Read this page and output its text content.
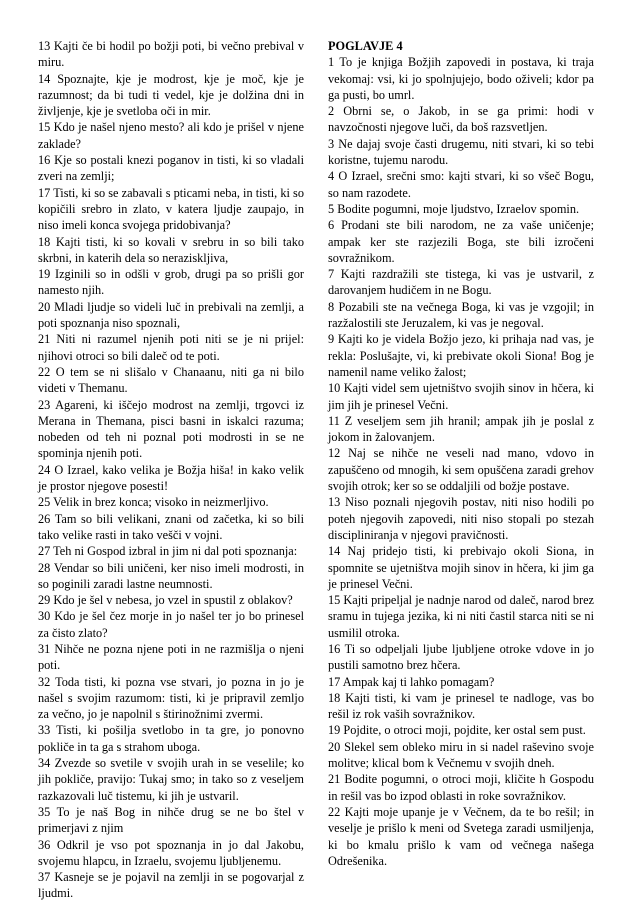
13 Kajti če bi hodil po božji poti, bi večno prebival v miru.

14 Spoznajte, kje je modrost, kje je moč, kje je razumnost; da bi tudi ti vedel, kje je dolžina dni in življenje, kje je svetloba oči in mir.

15 Kdo je našel njeno mesto? ali kdo je prišel v njene zaklade?

16 Kje so postali knezi poganov in tisti, ki so vladali zveri na zemlji;

17 Tisti, ki so se zabavali s pticami neba, in tisti, ki so kopičili srebro in zlato, v katera ljudje zaupajo, in niso imeli konca svojega pridobivanja?

18 Kajti tisti, ki so kovali v srebru in so bili tako skrbni, in katerih dela so nerazisklјiva,

19 Izginili so in odšli v grob, drugi pa so prišli gor namesto njih.

20 Mladi ljudje so videli luč in prebivali na zemlji, a poti spoznanja niso spoznali,

21 Niti ni razumel njenih poti niti se je ni prijel: njihovi otroci so bili daleč od te poti.

22 O tem se ni slišalo v Chanaanu, niti ga ni bilo videti v Themanu.

23 Agareni, ki iščejo modrost na zemlji, trgovci iz Merana in Themana, pisci basni in iskalci razuma; nobeden od teh ni poznal poti modrosti in se ne spominja njenih poti.

24 O Izrael, kako velika je Božja hiša! in kako velik je prostor njegove posesti!

25 Velik in brez konca; visoko in neizmerljivo.

26 Tam so bili velikani, znani od začetka, ki so bili tako velike rasti in tako vešči v vojni.

27 Teh ni Gospod izbral in jim ni dal poti spoznanja:

28 Vendar so bili uničeni, ker niso imeli modrosti, in so poginili zaradi lastne neumnosti.

29 Kdo je šel v nebesa, jo vzel in spustil z oblakov?

30 Kdo je šel čez morje in jo našel ter jo bo prinesel za čisto zlato?

31 Nihče ne pozna njene poti in ne razmišlja o njeni poti.

32 Toda tisti, ki pozna vse stvari, jo pozna in jo je našel s svojim razumom: tisti, ki je pripravil zemljo za večno, jo je napolnil s štirinožnimi zvermi.

33 Tisti, ki pošilja svetlobo in ta gre, jo ponovno pokliče in ta ga s strahom uboga.

34 Zvezde so svetile v svojih urah in se veselile; ko jih pokliče, pravijo: Tukaj smo; in tako so z veseljem razkazovali luč tistemu, ki jih je ustvaril.

35 To je naš Bog in nihče drug se ne bo štel v primerjavi z njim

36 Odkril je vso pot spoznanja in jo dal Jakobu, svojemu hlapcu, in Izraelu, svojemu ljubljenemu.

37 Kasneje se je pojavil na zemlji in se pogovarjal z ljudmi.

POGLAVJE 4

1 To je knjiga Božjih zapovedi in postava, ki traja vekomaj: vsi, ki jo spolnjujejo, bodo oživeli; kdor pa ga pusti, bo umrl.

2 Obrni se, o Jakob, in se ga primi: hodi v navzočnosti njegove luči, da boš razsvetljen.

3 Ne dajaj svoje časti drugemu, niti stvari, ki so tebi koristne, tujemu narodu.

4 O Izrael, srečni smo: kajti stvari, ki so všeč Bogu, so nam razodete.

5 Bodite pogumni, moje ljudstvo, Izraelov spomin.

6 Prodani ste bili narodom, ne za vaše uničenje; ampak ker ste razjezili Boga, ste bili izročeni sovražnikom.

7 Kajti razdražili ste tistega, ki vas je ustvaril, z darovanjem hudičem in ne Bogu.

8 Pozabili ste na večnega Boga, ki vas je vzgojil; in razžalostili ste Jeruzalem, ki vas je negoval.

9 Kajti ko je videla Božjo jezo, ki prihaja nad vas, je rekla: Poslušajte, vi, ki prebivate okoli Siona! Bog je namenil name veliko žalost;

10 Kajti videl sem ujetništvo svojih sinov in hčera, ki jim jih je prinesel Večni.

11 Z veseljem sem jih hranil; ampak jih je poslal z jokom in žalovanjem.

12 Naj se nihče ne veseli nad mano, vdovo in zapuščeno od mnogih, ki sem opuščena zaradi grehov svojih otrok; ker so se oddaljili od božje postave.

13 Niso poznali njegovih postav, niti niso hodili po poteh njegovih zapovedi, niti niso stopali po stezah discipliniranja v njegovi pravičnosti.

14 Naj pridejo tisti, ki prebivajo okoli Siona, in spomnite se ujetništva mojih sinov in hčera, ki jim ga je prinesel Večni.

15 Kajti pripeljal je nadnje narod od daleč, narod brez sramu in tujega jezika, ki ni niti častil starca niti se ni usmilil otroka.

16 Ti so odpeljali ljube ljubljene otroke vdove in jo pustili samotno brez hčera.

17 Ampak kaj ti lahko pomagam?

18 Kajti tisti, ki vam je prinesel te nadloge, vas bo rešil iz rok vaših sovražnikov.

19 Pojdite, o otroci moji, pojdite, ker ostal sem pust.

20 Slekel sem obleko miru in si nadel raševino svoje molitve; klical bom k Večnemu v svojih dneh.

21 Bodite pogumni, o otroci moji, kličite h Gospodu in rešil vas bo izpod oblasti in roke sovražnikov.

22 Kajti moje upanje je v Večnem, da te bo rešil; in veselje je prišlo k meni od Svetega zaradi usmiljenja, ki bo kmalu prišlo k vam od večnega našega Odrešenika.
